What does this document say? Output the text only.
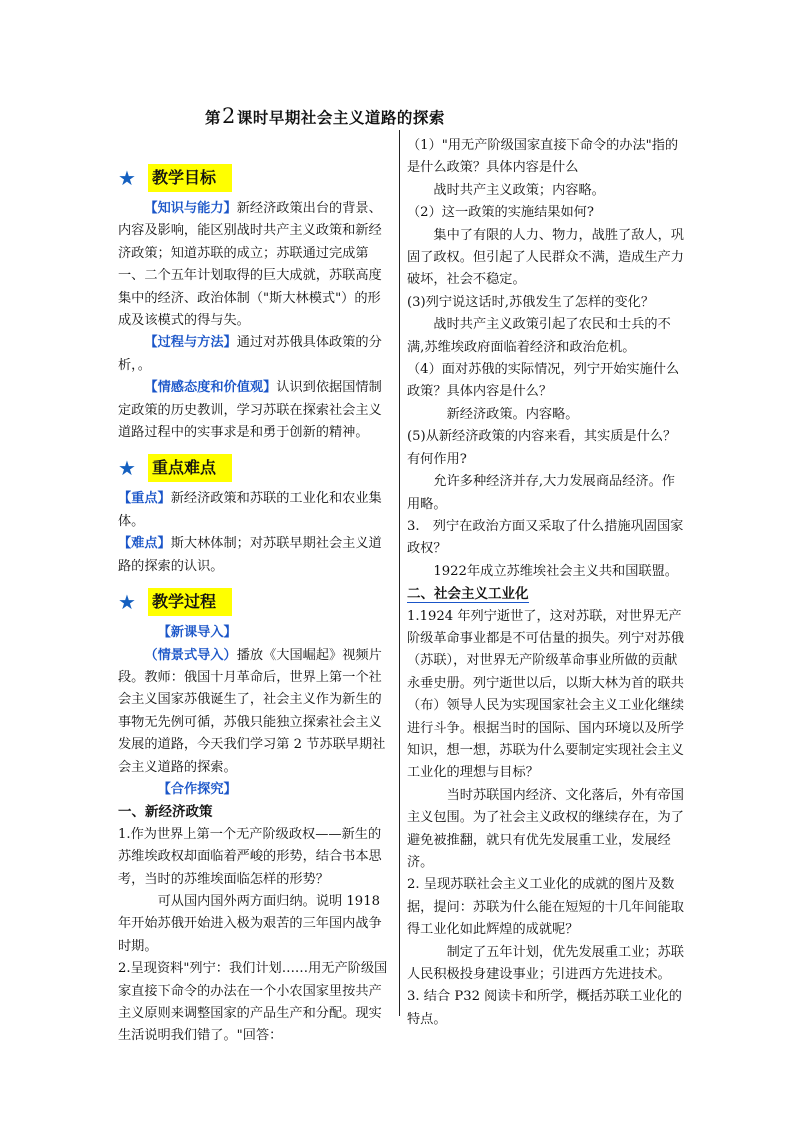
第2课时早期社会主义道路的探索
★	教学目标

【知识与能力】新经济政策出台的背景、内容及影响，能区别战时共产主义政策和新经济政策；知道苏联的成立；苏联通过完成第一、二个五年计划取得的巨大成就，苏联高度集中的经济、政治体制（"斯大林模式"）的形成及该模式的得与失。

【过程与方法】通过对苏俄具体政策的分析，。

【情感态度和价值观】认识到依据国情制定政策的历史教训，学习苏联在探索社会主义道路过程中的实事求是和勇于创新的精神。

★	重点难点

【重点】新经济政策和苏联的工业化和农业集体。

【难点】斯大林体制；对苏联早期社会主义道路的探索的认识。

★	教学过程

【新课导入】

（情景式导入）播放《大国崛起》视频片段。教师：俄国十月革命后，世界上第一个社会主义国家苏俄诞生了，社会主义作为新生的事物无先例可循，苏俄只能独立探索社会主义发展的道路，今天我们学习第 2 节苏联早期社会主义道路的探索。

【合作探究】

一、新经济政策

1.作为世界上第一个无产阶级政权——新生的苏维埃政权却面临着严峻的形势，结合书本思考，当时的苏维埃面临怎样的形势？

可从国内国外两方面归纳。说明 1918 年开始苏俄开始进入极为艰苦的三年国内战争时期。

2.呈现资料"列宁：我们计划……用无产阶级国家直接下命令的办法在一个小农国家里按共产主义原则来调整国家的产品生产和分配。现实生活说明我们错了。"回答：

（1）"用无产阶级国家直接下命令的办法"指的是什么政策？具体内容是什么

战时共产主义政策；内容略。

（2）这一政策的实施结果如何?

集中了有限的人力、物力，战胜了敌人，巩固了政权。但引起了人民群众不满，造成生产力破坏，社会不稳定。

(3)列宁说这话时,苏俄发生了怎样的变化？

战时共产主义政策引起了农民和士兵的不满,苏维埃政府面临着经济和政治危机。

（4）面对苏俄的实际情况，列宁开始实施什么政策？具体内容是什么？

新经济政策。内容略。

(5)从新经济政策的内容来看，其实质是什么？有何作用?

允许多种经济并存,大力发展商品经济。作用略。

3.　列宁在政治方面又采取了什么措施巩固国家政权？

1922年成立苏维埃社会主义共和国联盟。

二、社会主义工业化

1.1924 年列宁逝世了，这对苏联，对世界无产阶级革命事业都是不可估量的损失。列宁对苏俄（苏联），对世界无产阶级革命事业所做的贡献永垂史册。列宁逝世以后，以斯大林为首的联共（布）领导人民为实现国家社会主义工业化继续进行斗争。根据当时的国际、国内环境以及所学知识，想一想，苏联为什么要制定实现社会主义工业化的理想与目标？

当时苏联国内经济、文化落后，外有帝国主义包围。为了社会主义政权的继续存在，为了避免被推翻，就只有优先发展重工业，发展经济。

2. 呈现苏联社会主义工业化的成就的图片及数据，提问：苏联为什么能在短短的十几年间能取得工业化如此辉煌的成就呢？

制定了五年计划，优先发展重工业；苏联人民积极投身建设事业；引进西方先进技术。

3. 结合 P32 阅读卡和所学，概括苏联工业化的特点。
